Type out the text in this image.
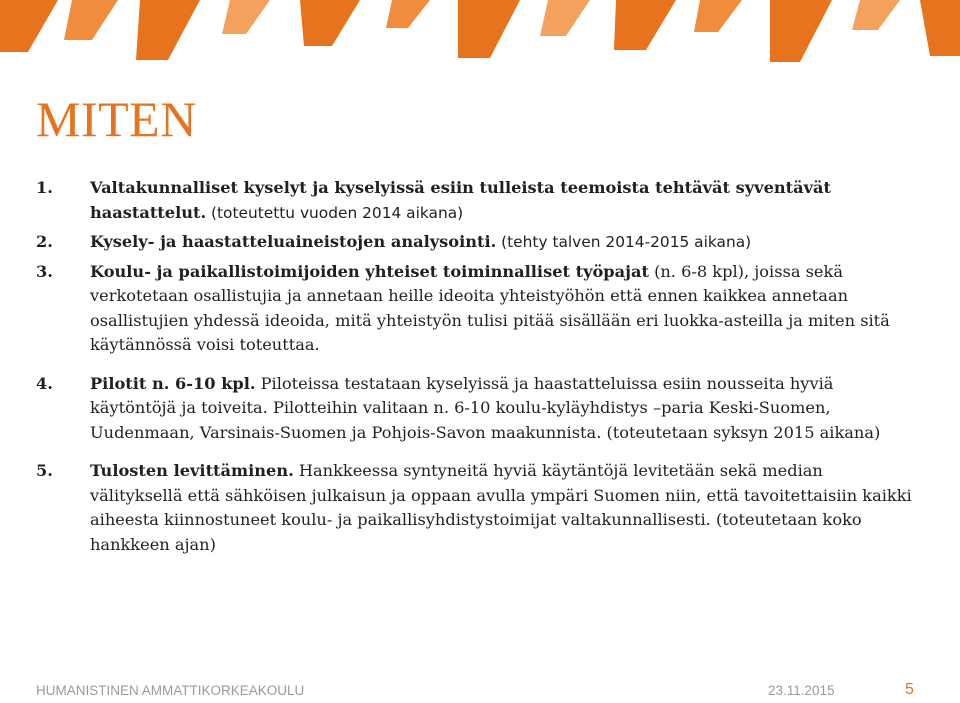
MITEN
1.	Valtakunnalliset kyselyt ja kyselyissä esiin tulleista teemoista tehtävät syventävät haastattelut. (toteutettu vuoden 2014 aikana)
2.	Kysely- ja haastatteluaineistojen analysointi. (tehty talven 2014-2015 aikana)
3.	Koulu- ja paikallistoimijoiden yhteiset toiminnalliset työpajat (n. 6-8 kpl), joissa sekä verkotetaan osallistujia ja annetaan heille ideoita yhteistyöhön että ennen kaikkea annetaan osallistujien yhdessä ideoida, mitä yhteistyön tulisi pitää sisällään eri luokka-asteilla ja miten sitä käytännössä voisi toteuttaa.
4.	Pilotit n. 6-10 kpl. Piloteissa testataan kyselyissä ja haastatteluissa esiin nousseita hyviä käytöntöjä ja toiveita. Pilotteihin valitaan n. 6-10 koulu-kyläyhdistys –paria Keski-Suomen, Uudenmaan, Varsinais-Suomen ja Pohjois-Savon maakunnista. (toteutetaan syksyn 2015 aikana)
5.	Tulosten levittäminen. Hankkeessa syntyneitä hyviä käytäntöjä levitetään sekä median välityksellä että sähköisen julkaisun ja oppaan avulla ympäri Suomen niin, että tavoitettaisiin kaikki aiheesta kiinnostuneet koulu- ja paikallisyhdistystoimijat valtakunnallisesti. (toteutetaan koko hankkeen ajan)
HUMANISTINEN AMMATTIKORKEAKOULU	23.11.2015	5
